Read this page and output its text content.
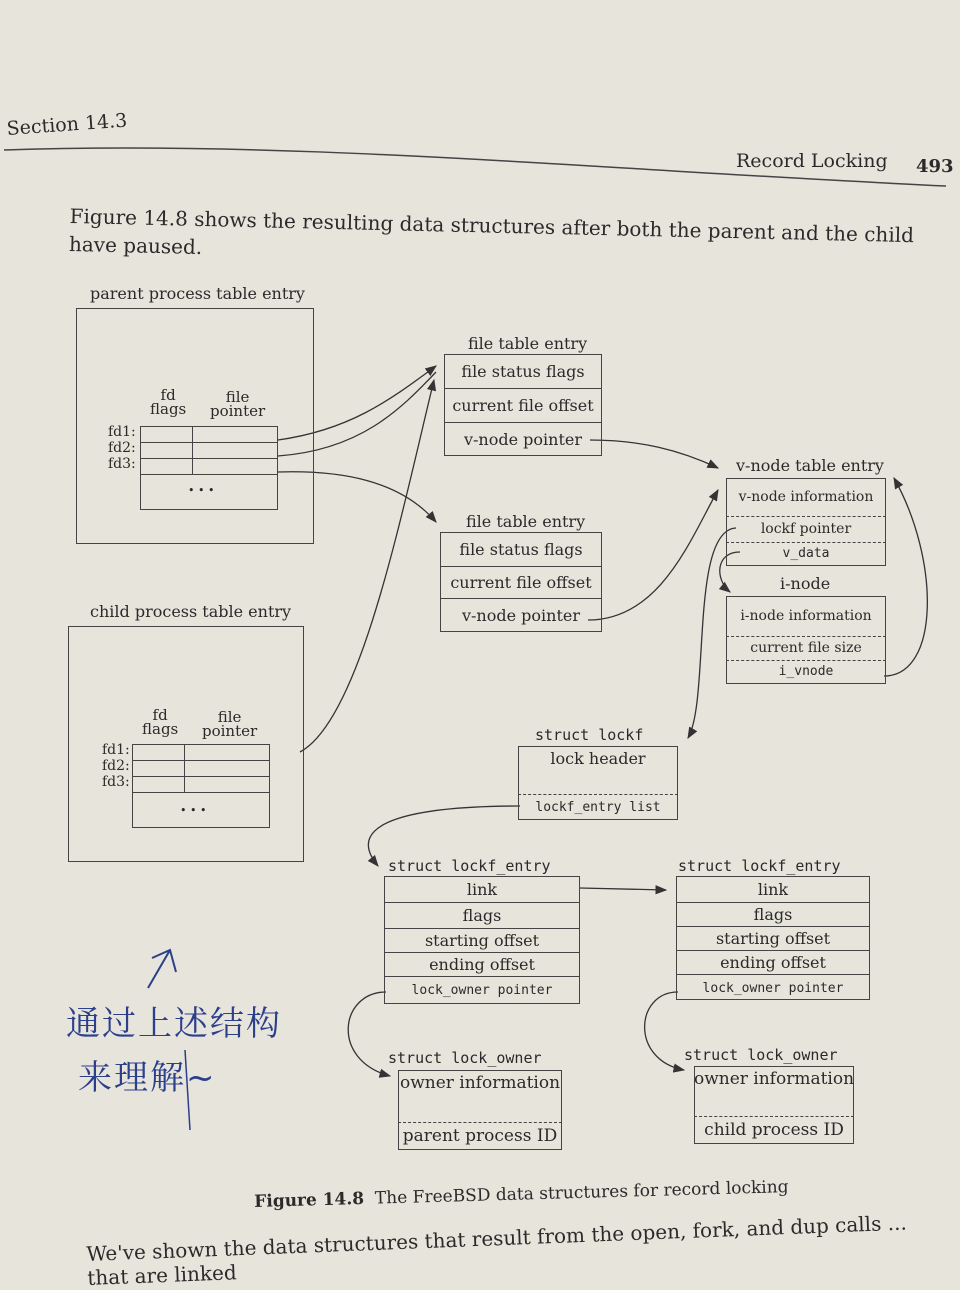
Section 14.3
Record Locking 493
Figure 14.8 shows the resulting data structures after both the parent and the child have paused.
parent process table entry
fd
flags
file
pointer
fd1:
fd2:
fd3:
• • •
child process table entry
fd
flags
file
pointer
fd1:
fd2:
fd3:
• • •
file table entry
file status flags
current file offset
v-node pointer
file table entry
file status flags
current file offset
v-node pointer
v-node table entry
v-node information
lockf pointer
v_data
i-node
i-node information
current file size
i_vnode
struct lockf
lock header
lockf_entry list
struct lockf_entry
link
flags
starting offset
ending offset
lock_owner pointer
struct lockf_entry
link
flags
starting offset
ending offset
lock_owner pointer
struct lock_owner
owner information
parent process ID
struct lock_owner
owner information
child process ID
通过上述结构
来理解~
Figure 14.8 The FreeBSD data structures for record locking
We've shown the data structures that result from the open, fork, and dup calls ... that are linked
